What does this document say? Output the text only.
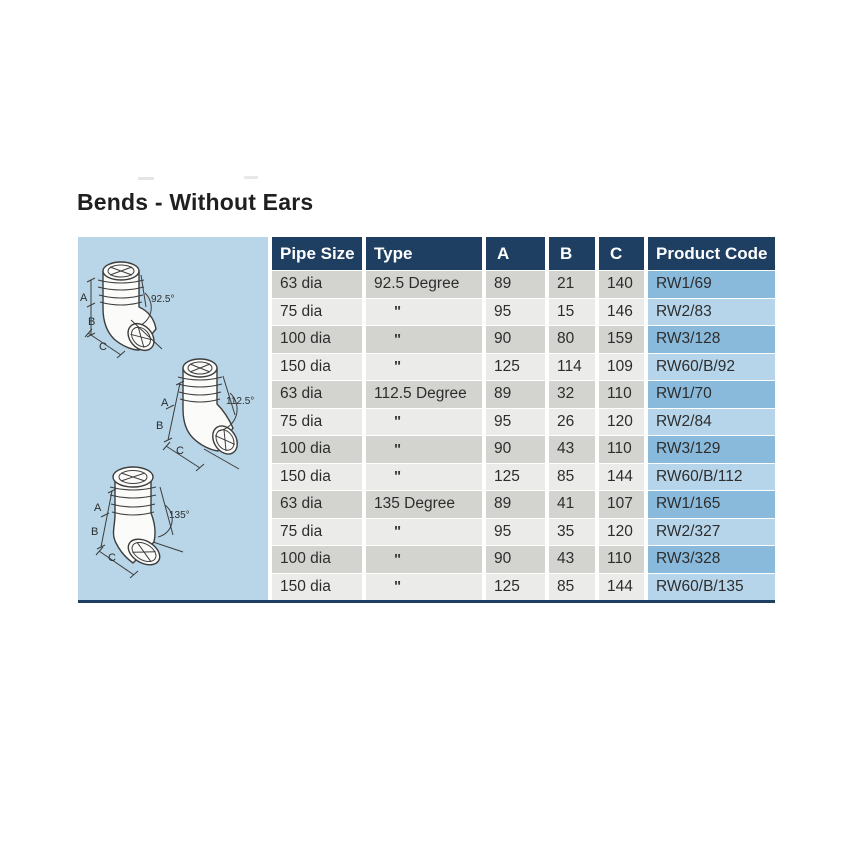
Bends - Without Ears
A
B
C
92.5°
A
B
C
112.5°
A
B
C
135°
Pipe Size	Type	A	B	C	Product Code
63 dia	92.5 Degree	89	21	140	RW1/69
75 dia	"	95	15	146	RW2/83
100 dia	"	90	80	159	RW3/128
150 dia	"	125	114	109	RW60/B/92
63 dia	112.5 Degree	89	32	110	RW1/70
75 dia	"	95	26	120	RW2/84
100 dia	"	90	43	110	RW3/129
150 dia	"	125	85	144	RW60/B/112
63 dia	135 Degree	89	41	107	RW1/165
75 dia	"	95	35	120	RW2/327
100 dia	"	90	43	110	RW3/328
150 dia	"	125	85	144	RW60/B/135
